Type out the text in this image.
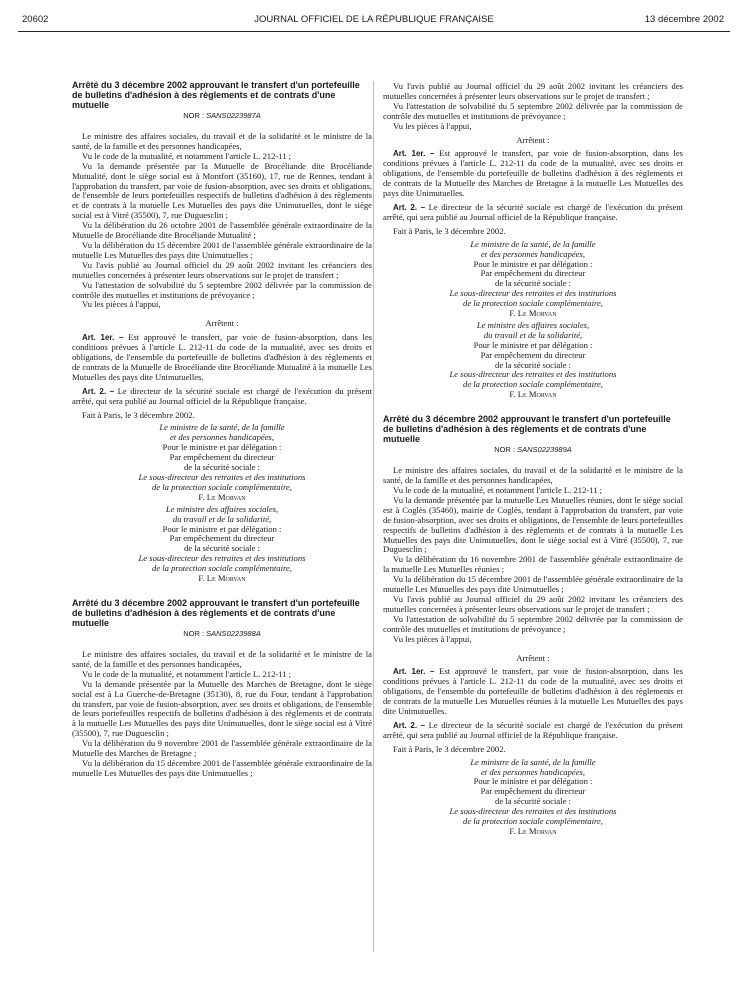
20602	JOURNAL OFFICIEL DE LA RÉPUBLIQUE FRANÇAISE	13 décembre 2002
Arrêté du 3 décembre 2002 approuvant le transfert d'un portefeuille de bulletins d'adhésion à des règlements et de contrats d'une mutuelle
NOR : SANS0223987A

Le ministre des affaires sociales, du travail et de la solidarité et le ministre de la santé, de la famille et des personnes handicapées,

Vu le code de la mutualité, et notamment l'article L. 212-11 ;

Vu la demande présentée par la Mutuelle de Brocéliande dite Brocéliande Mutualité, dont le siège social est à Montfort (35160), 17, rue de Rennes, tendant à l'approbation du transfert, par voie de fusion-absorption, avec ses droits et obligations, de l'ensemble de leurs portefeuilles respectifs de bulletins d'adhésion à des règlements et de contrats à la mutuelle Les Mutuelles des pays dite Unimutuelles, dont le siège social est à Vitré (35500), 7, rue Duguesclin ;

Vu la délibération du 26 octobre 2001 de l'assemblée générale extraordinaire de la Mutuelle de Brocéliande dite Brocéliande Mutualité ;

Vu la délibération du 15 décembre 2001 de l'assemblée générale extraordinaire de la mutuelle Les Mutuelles des pays dite Unimutuelles ;

Vu l'avis publié au Journal officiel du 29 août 2002 invitant les créanciers des mutuelles concernées à présenter leurs observations sur le projet de transfert ;

Vu l'attestation de solvabilité du 5 septembre 2002 délivrée par la commission de contrôle des mutuelles et institutions de prévoyance ;

Vu les pièces à l'appui,

Arrêtent :

Art. 1er. – Est approuvé le transfert, par voie de fusion-absorption, dans les conditions prévues à l'article L. 212-11 du code de la mutualité, avec ses droits et obligations, de l'ensemble du portefeuille de bulletins d'adhésion à des règlements et de contrats de la Mutuelle de Brocéliande dite Brocéliande Mutualité à la mutuelle Les Mutuelles des pays dite Unimutuelles.

Art. 2. – Le directeur de la sécurité sociale est chargé de l'exécution du présent arrêté, qui sera publié au Journal officiel de la République française.

Fait à Paris, le 3 décembre 2002.

Le ministre de la santé, de la famille
et des personnes handicapées,
Pour le ministre et par délégation :
Par empêchement du directeur
de la sécurité sociale :
Le sous-directeur des retraites et des institutions
de la protection sociale complémentaire,
F. Le Morvan
Le ministre des affaires sociales,
du travail et de la solidarité,
Pour le ministre et par délégation :
Par empêchement du directeur
de la sécurité sociale :
Le sous-directeur des retraites et des institutions
de la protection sociale complémentaire,
F. Le Morvan
Arrêté du 3 décembre 2002 approuvant le transfert d'un portefeuille de bulletins d'adhésion à des règlements et de contrats d'une mutuelle
NOR : SANS0223988A

Le ministre des affaires sociales, du travail et de la solidarité et le ministre de la santé, de la famille et des personnes handicapées,

Vu le code de la mutualité, et notamment l'article L. 212-11 ;

Vu la demande présentée par la Mutuelle des Marches de Bretagne, dont le siège social est à La Guerche-de-Bretagne (35130), 8, rue du Four, tendant à l'approbation du transfert, par voie de fusion-absorption, avec ses droits et obligations, de l'ensemble de leurs portefeuilles respectifs de bulletins d'adhésion à des règlements et de contrats à la mutuelle Les Mutuelles des pays dite Unimutuelles, dont le siège social est à Vitré (35500), 7, rue Duguesclin ;

Vu la délibération du 9 novembre 2001 de l'assemblée générale extraordinaire de la Mutuelle des Marches de Bretagne ;

Vu la délibération du 15 décembre 2001 de l'assemblée générale extraordinaire de la mutuelle Les Mutuelles des pays dite Unimutuelles ;

Vu l'avis publié au Journal officiel du 29 août 2002 invitant les créanciers des mutuelles concernées à présenter leurs observations sur le projet de transfert ;

Vu l'attestation de solvabilité du 5 septembre 2002 délivrée par la commission de contrôle des mutuelles et institutions de prévoyance ;

Vu les pièces à l'appui,

Arrêtent :

Art. 1er. – Est approuvé le transfert, par voie de fusion-absorption, dans les conditions prévues à l'article L. 212-11 du code de la mutualité, avec ses droits et obligations, de l'ensemble du portefeuille de bulletins d'adhésion à des règlements et de contrats de la Mutuelle des Marches de Bretagne à la mutuelle Les Mutuelles des pays dite Unimutuelles.

Art. 2. – Le directeur de la sécurité sociale est chargé de l'exécution du présent arrêté, qui sera publié au Journal officiel de la République française.

Fait à Paris, le 3 décembre 2002.

Le ministre de la santé, de la famille
et des personnes handicapées,
Pour le ministre et par délégation :
Par empêchement du directeur
de la sécurité sociale :
Le sous-directeur des retraites et des institutions
de la protection sociale complémentaire,
F. Le Morvan
Le ministre des affaires sociales,
du travail et de la solidarité,
Pour le ministre et par délégation :
Par empêchement du directeur
de la sécurité sociale :
Le sous-directeur des retraites et des institutions
de la protection sociale complémentaire,
F. Le Morvan
Arrêté du 3 décembre 2002 approuvant le transfert d'un portefeuille de bulletins d'adhésion à des règlements et de contrats d'une mutuelle
NOR : SANS0223989A

Le ministre des affaires sociales, du travail et de la solidarité et le ministre de la santé, de la famille et des personnes handicapées,

Vu le code de la mutualité, et notamment l'article L. 212-11 ;

Vu la demande présentée par la mutuelle Les Mutuelles réunies, dont le siège social est à Coglès (35460), mairie de Coglès, tendant à l'approbation du transfert, par voie de fusion-absorption, avec ses droits et obligations, de l'ensemble de leurs portefeuilles respectifs de bulletins d'adhésion à des règlements et de contrats à la mutuelle Les Mutuelles des pays dite Unimutuelles, dont le siège social est à Vitré (35500), 7, rue Duguesclin ;

Vu la délibération du 16 novembre 2001 de l'assemblée générale extraordinaire de la mutuelle Les Mutuelles réunies ;

Vu la délibération du 15 décembre 2001 de l'assemblée générale extraordinaire de la mutuelle Les Mutuelles des pays dite Unimutuelles ;

Vu l'avis publié au Journal officiel du 29 août 2002 invitant les créanciers des mutuelles concernées à présenter leurs observations sur le projet de transfert ;

Vu l'attestation de solvabilité du 5 septembre 2002 délivrée par la commission de contrôle des mutuelles et institutions de prévoyance ;

Vu les pièces à l'appui,

Arrêtent :

Art. 1er. – Est approuvé le transfert, par voie de fusion-absorption, dans les conditions prévues à l'article L. 212-11 du code de la mutualité, avec ses droits et obligations, de l'ensemble du portefeuille de bulletins d'adhésion à des règlements et de contrats de la mutuelle Les Mutuelles réunies à la mutuelle Les Mutuelles des pays dite Unimutuelles.

Art. 2. – Le directeur de la sécurité sociale est chargé de l'exécution du présent arrêté, qui sera publié au Journal officiel de la République française.

Fait à Paris, le 3 décembre 2002.

Le ministre de la santé, de la famille
et des personnes handicapées,
Pour le ministre et par délégation :
Par empêchement du directeur
de la sécurité sociale :
Le sous-directeur des retraites et des institutions
de la protection sociale complémentaire,
F. Le Morvan
